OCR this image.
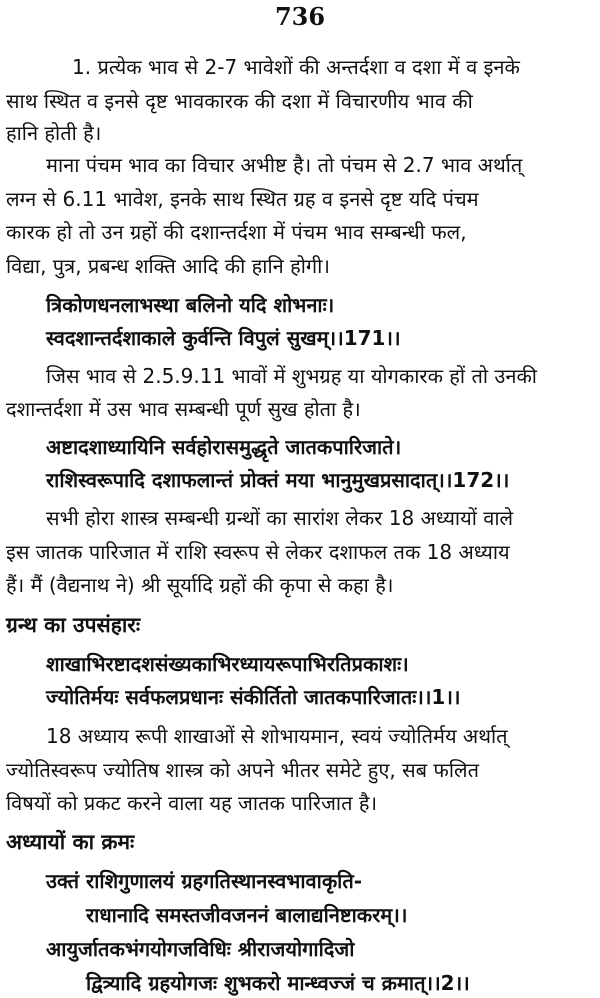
736
1. प्रत्येक भाव से 2-7 भावेशों की अन्तर्दशा व दशा में व इनके
साथ स्थित व इनसे दृष्ट भावकारक की दशा में विचारणीय भाव की
हानि होती है।
माना पंचम भाव का विचार अभीष्ट है। तो पंचम से 2.7 भाव अर्थात्
लग्न से 6.11 भावेश, इनके साथ स्थित ग्रह व इनसे दृष्ट यदि पंचम
कारक हो तो उन ग्रहों की दशान्तर्दशा में पंचम भाव सम्बन्धी फल,
विद्या, पुत्र, प्रबन्ध शक्ति आदि की हानि होगी।
त्रिकोणधनलाभस्था बलिनो यदि शोभनाः।
स्वदशान्तर्दशाकाले कुर्वन्ति विपुलं सुखम्।।171।।
जिस भाव से 2.5.9.11 भावों में शुभग्रह या योगकारक हों तो उनकी
दशान्तर्दशा में उस भाव सम्बन्धी पूर्ण सुख होता है।
अष्टादशाध्यायिनि सर्वहोरासमुद्धृते जातकपारिजाते।
राशिस्वरूपादि दशाफलान्तं प्रोक्तं मया भानुमुखप्रसादात्।।172।।
सभी होरा शास्त्र सम्बन्धी ग्रन्थों का सारांश लेकर 18 अध्यायों वाले
इस जातक पारिजात में राशि स्वरूप से लेकर दशाफल तक 18 अध्याय
हैं। मैं (वैद्यनाथ ने) श्री सूर्यादि ग्रहों की कृपा से कहा है।
ग्रन्थ का उपसंहारः
शाखाभिरष्टादशसंख्यकाभिरध्यायरूपाभिरतिप्रकाशः।
ज्योतिर्मयः सर्वफलप्रधानः संकीर्तितो जातकपारिजातः।।1।।
18 अध्याय रूपी शाखाओं से शोभायमान, स्वयं ज्योतिर्मय अर्थात्
ज्योतिस्वरूप ज्योतिष शास्त्र को अपने भीतर समेटे हुए, सब फलित
विषयों को प्रकट करने वाला यह जातक पारिजात है।
अध्यायों का क्रमः
उक्तं राशिगुणालयं ग्रहगतिस्थानस्वभावाकृति-
राधानादि समस्तजीवजननं बालाद्यनिष्टाकरम्।।
आयुर्जातकभंगयोगजविधिः श्रीराजयोगादिजो
द्वित्र्यादि ग्रहयोगजः शुभकरो मान्ध्वज्जं च क्रमात्।।2।।
